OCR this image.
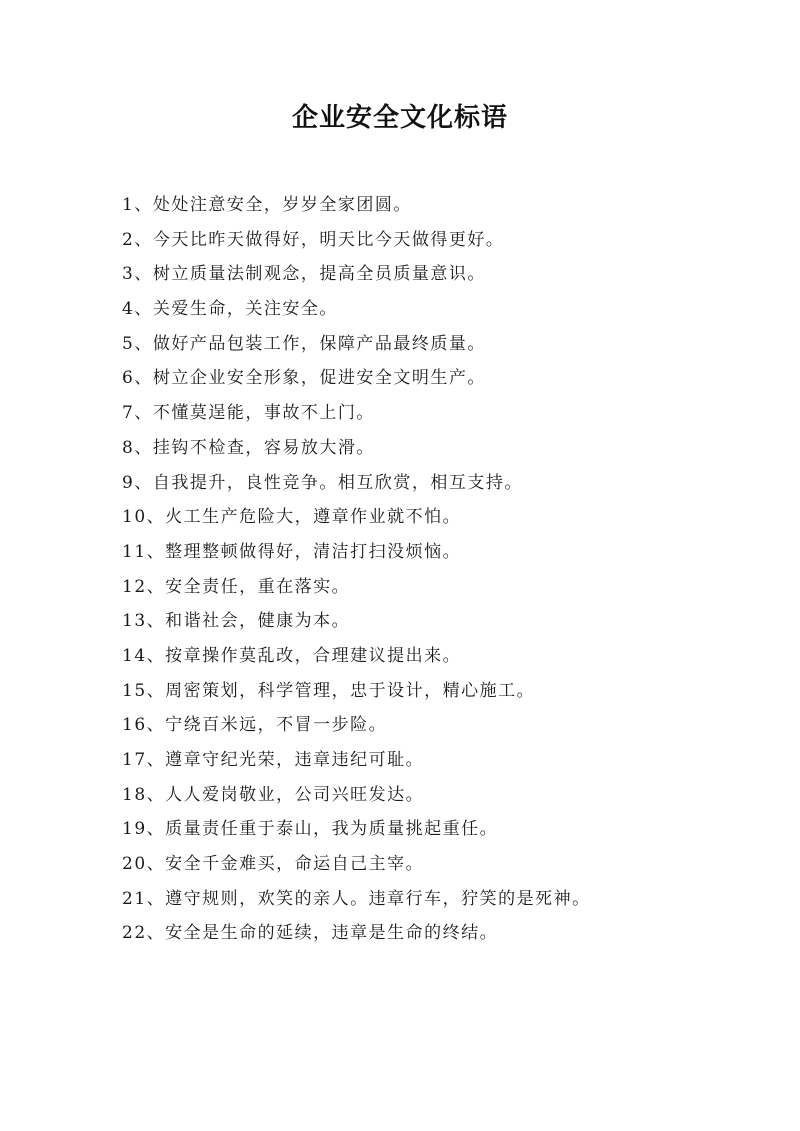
企业安全文化标语
1、处处注意安全，岁岁全家团圆。
2、今天比昨天做得好，明天比今天做得更好。
3、树立质量法制观念，提高全员质量意识。
4、关爱生命，关注安全。
5、做好产品包装工作，保障产品最终质量。
6、树立企业安全形象，促进安全文明生产。
7、不懂莫逞能，事故不上门。
8、挂钩不检查，容易放大滑。
9、自我提升，良性竞争。相互欣赏，相互支持。
10、火工生产危险大，遵章作业就不怕。
11、整理整顿做得好，清洁打扫没烦恼。
12、安全责任，重在落实。
13、和谐社会，健康为本。
14、按章操作莫乱改，合理建议提出来。
15、周密策划，科学管理，忠于设计，精心施工。
16、宁绕百米远，不冒一步险。
17、遵章守纪光荣，违章违纪可耻。
18、人人爱岗敬业，公司兴旺发达。
19、质量责任重于泰山，我为质量挑起重任。
20、安全千金难买，命运自己主宰。
21、遵守规则，欢笑的亲人。违章行车，狞笑的是死神。
22、安全是生命的延续，违章是生命的终结。
